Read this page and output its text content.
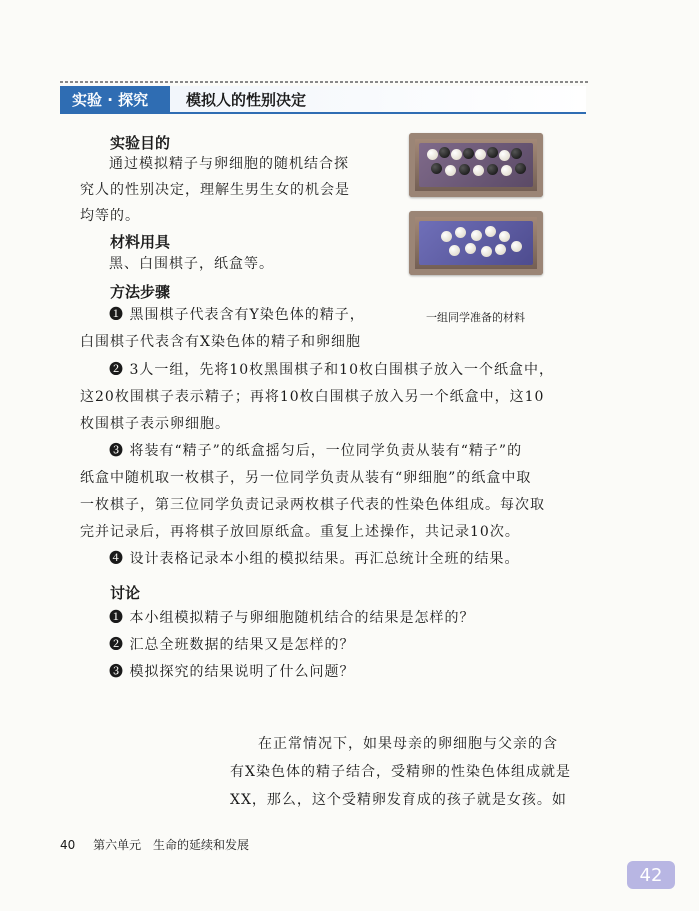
实验 · 探究	模拟人的性别决定
实验目的
通过模拟精子与卵细胞的随机结合探
究人的性别决定，理解生男生女的机会是
均等的。
材料用具
黑、白围棋子，纸盒等。
方法步骤
❶ 黑围棋子代表含有Y染色体的精子，
白围棋子代表含有X染色体的精子和卵细胞
❷ 3人一组，先将10枚黑围棋子和10枚白围棋子放入一个纸盒中，
这20枚围棋子表示精子；再将10枚白围棋子放入另一个纸盒中，这10
枚围棋子表示卵细胞。
❸ 将装有“精子”的纸盒摇匀后，一位同学负责从装有“精子”的
纸盒中随机取一枚棋子，另一位同学负责从装有“卵细胞”的纸盒中取
一枚棋子，第三位同学负责记录两枚棋子代表的性染色体组成。每次取
完并记录后，再将棋子放回原纸盒。重复上述操作，共记录10次。
❹ 设计表格记录本小组的模拟结果。再汇总统计全班的结果。
讨论
❶ 本小组模拟精子与卵细胞随机结合的结果是怎样的？
❷ 汇总全班数据的结果又是怎样的？
❸ 模拟探究的结果说明了什么问题？
一组同学准备的材料
在正常情况下，如果母亲的卵细胞与父亲的含
有X染色体的精子结合，受精卵的性染色体组成就是
XX，那么，这个受精卵发育成的孩子就是女孩。如
40 第六单元 生命的延续和发展
42
